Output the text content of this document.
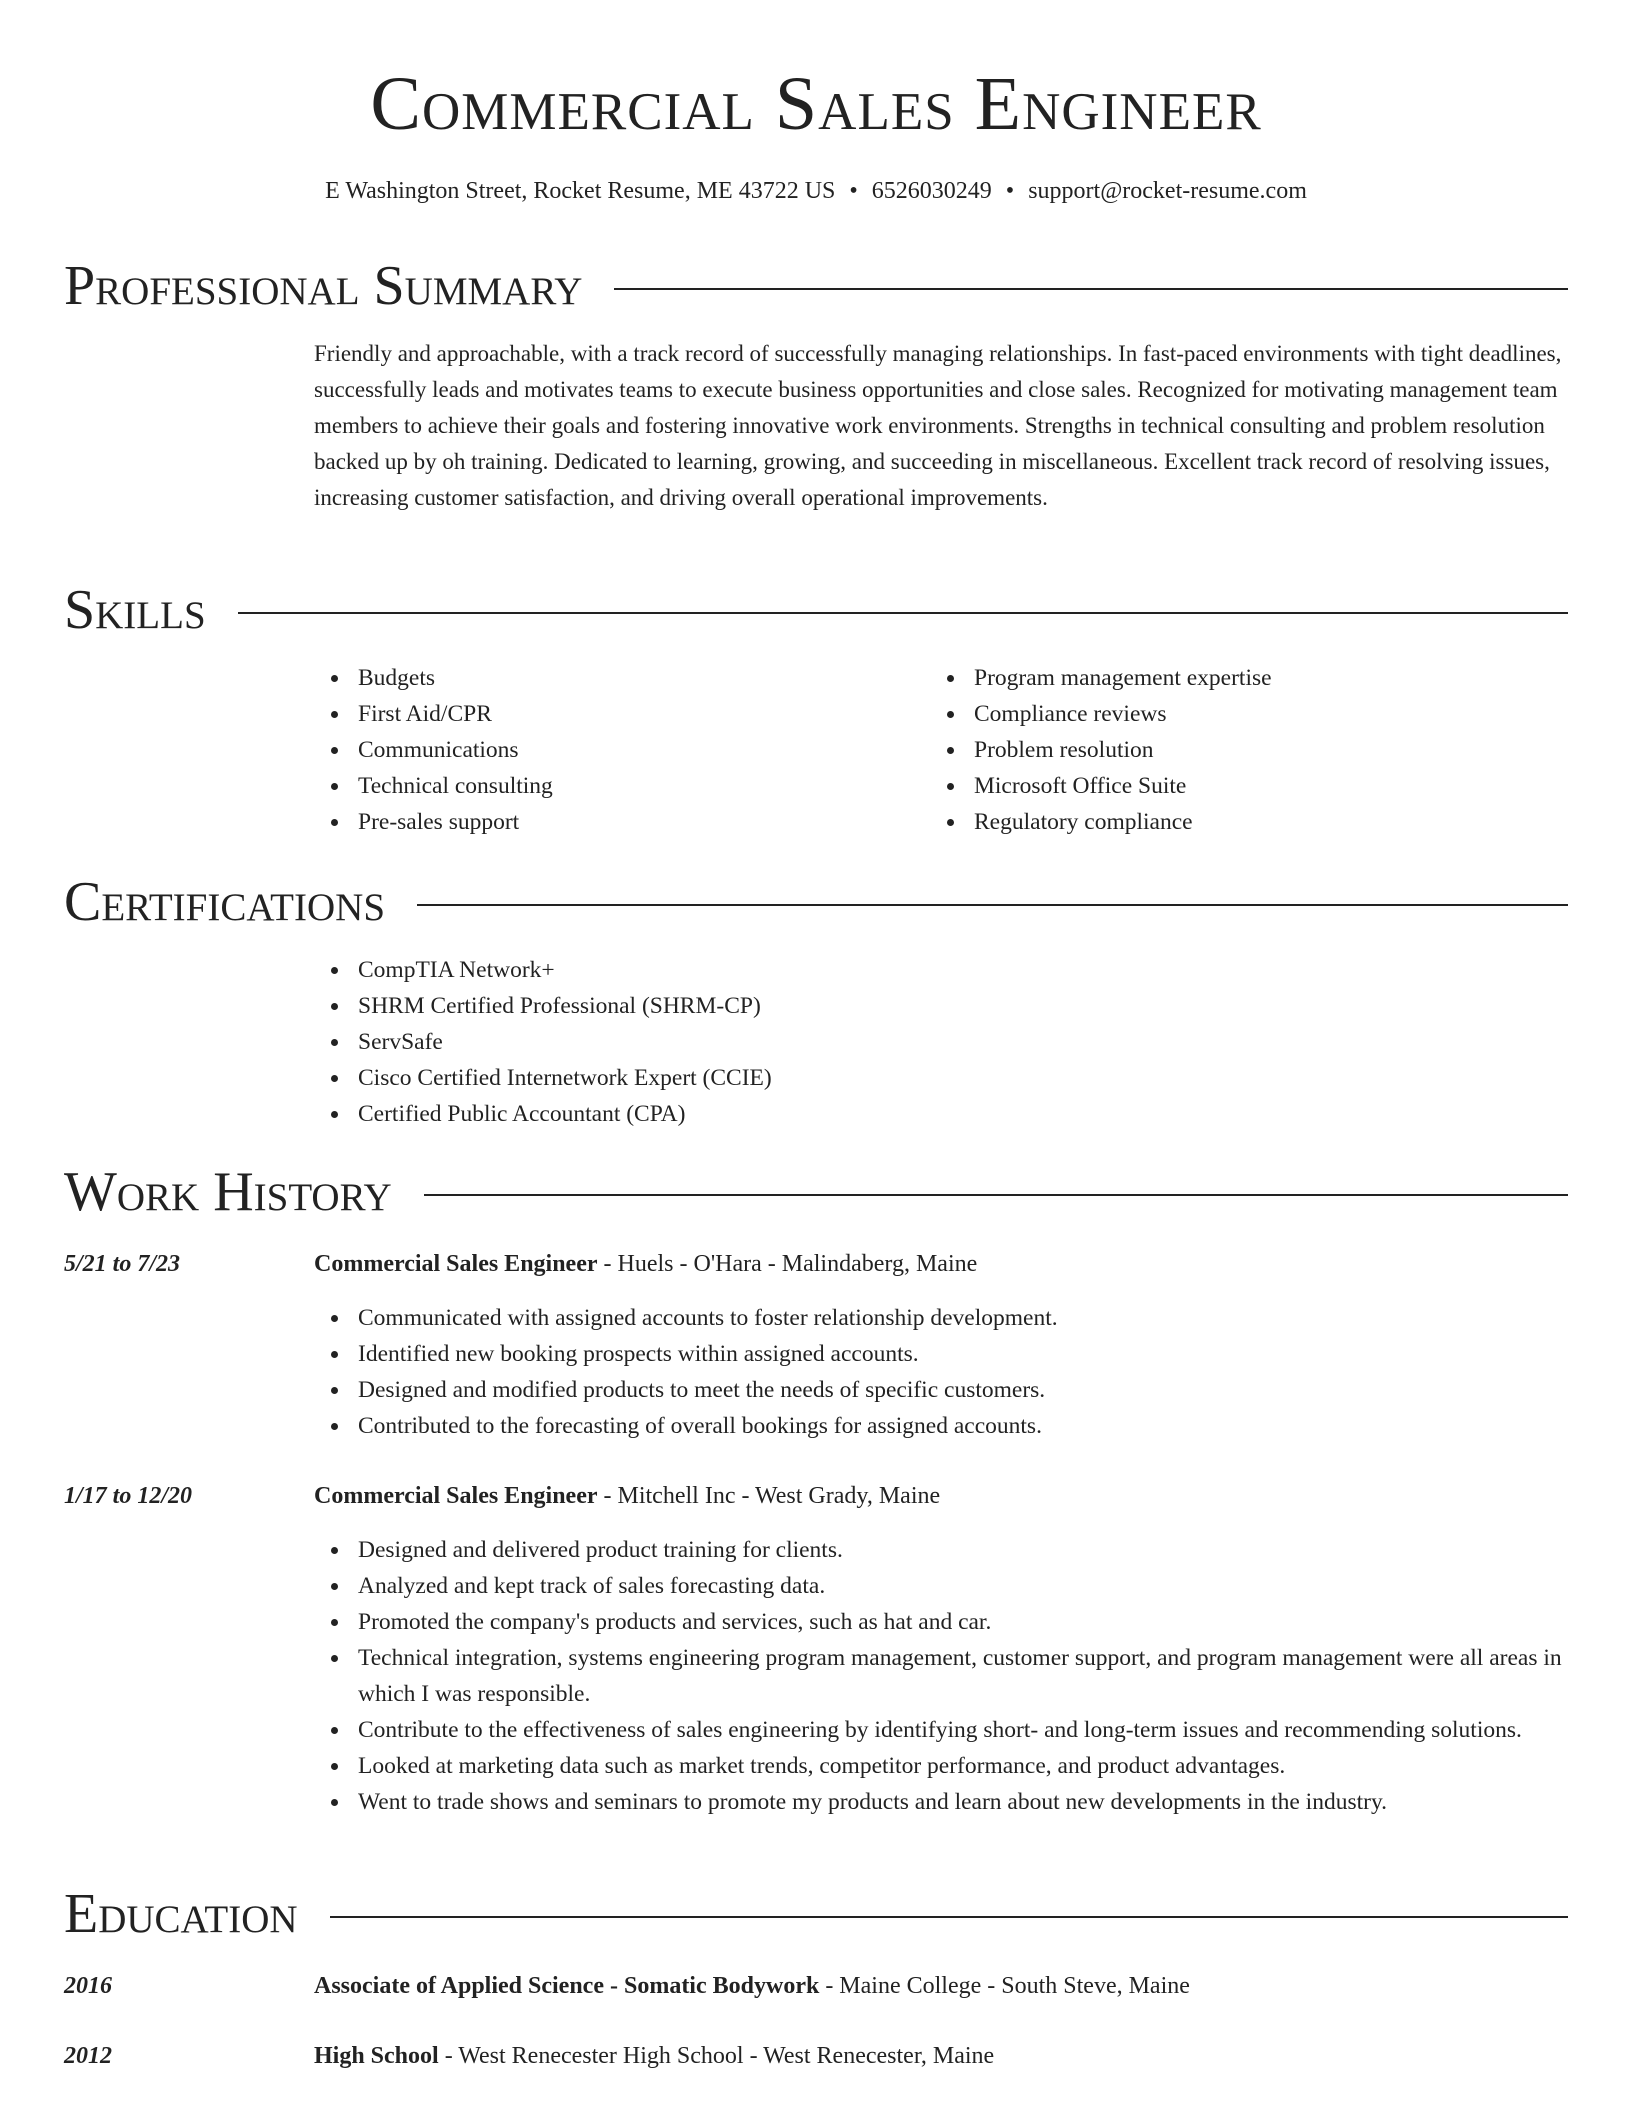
Commercial Sales Engineer
E Washington Street, Rocket Resume, ME 43722 US • 6526030249 • support@rocket-resume.com
Professional Summary
Friendly and approachable, with a track record of successfully managing relationships. In fast-paced environments with tight deadlines, successfully leads and motivates teams to execute business opportunities and close sales. Recognized for motivating management team members to achieve their goals and fostering innovative work environments. Strengths in technical consulting and problem resolution backed up by oh training. Dedicated to learning, growing, and succeeding in miscellaneous. Excellent track record of resolving issues, increasing customer satisfaction, and driving overall operational improvements.
Skills
Budgets
First Aid/CPR
Communications
Technical consulting
Pre-sales support
Program management expertise
Compliance reviews
Problem resolution
Microsoft Office Suite
Regulatory compliance
Certifications
CompTIA Network+
SHRM Certified Professional (SHRM-CP)
ServSafe
Cisco Certified Internetwork Expert (CCIE)
Certified Public Accountant (CPA)
Work History
5/21 to 7/23	Commercial Sales Engineer - Huels - O'Hara - Malindaberg, Maine
Communicated with assigned accounts to foster relationship development.
Identified new booking prospects within assigned accounts.
Designed and modified products to meet the needs of specific customers.
Contributed to the forecasting of overall bookings for assigned accounts.
1/17 to 12/20	Commercial Sales Engineer - Mitchell Inc - West Grady, Maine
Designed and delivered product training for clients.
Analyzed and kept track of sales forecasting data.
Promoted the company's products and services, such as hat and car.
Technical integration, systems engineering program management, customer support, and program management were all areas in which I was responsible.
Contribute to the effectiveness of sales engineering by identifying short- and long-term issues and recommending solutions.
Looked at marketing data such as market trends, competitor performance, and product advantages.
Went to trade shows and seminars to promote my products and learn about new developments in the industry.
Education
2016	Associate of Applied Science - Somatic Bodywork - Maine College - South Steve, Maine
2012	High School - West Renecester High School - West Renecester, Maine
